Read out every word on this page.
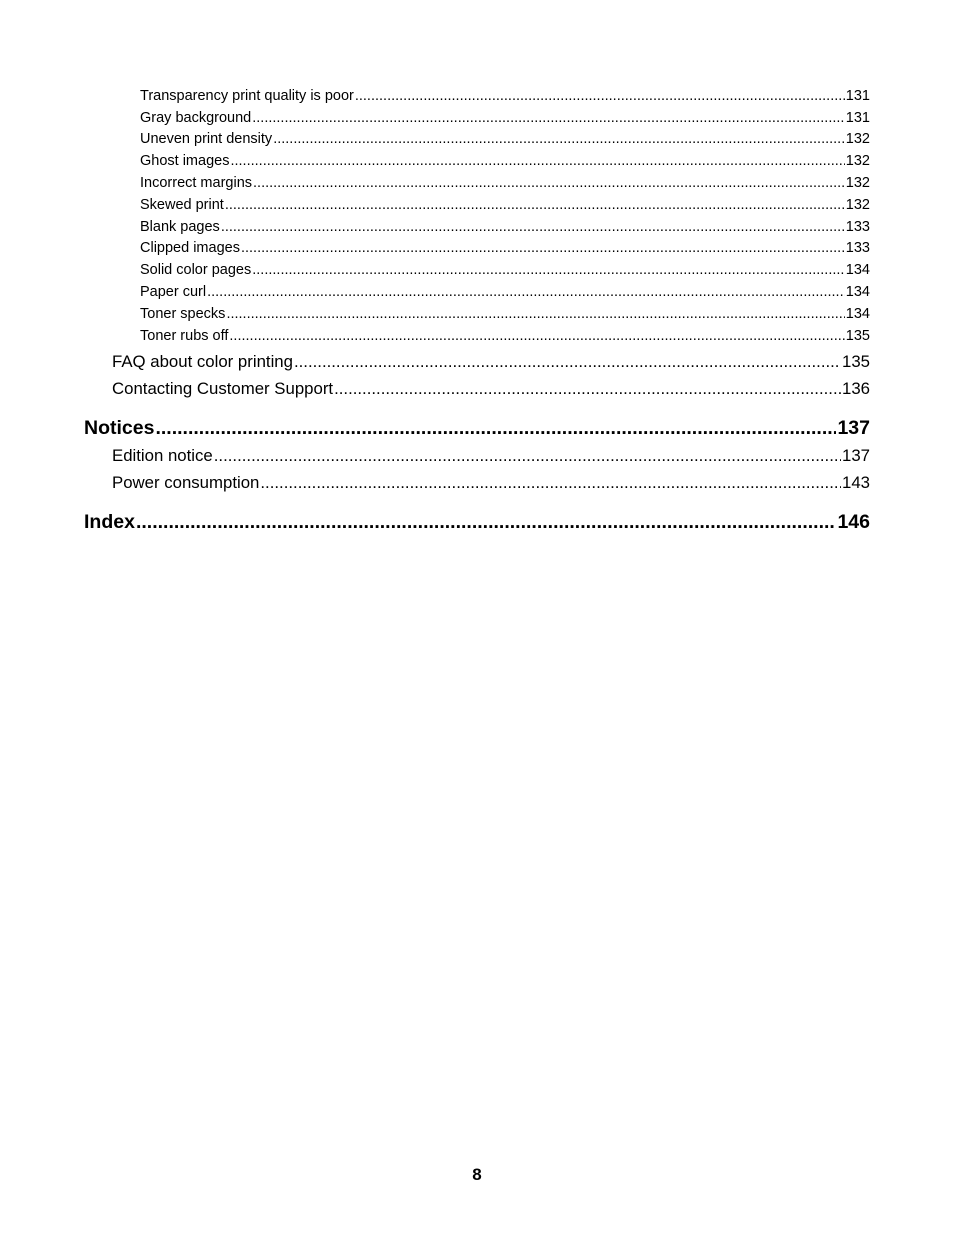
Transparency print quality is poor .....	131
Gray background .....	131
Uneven print density .....	132
Ghost images .....	132
Incorrect margins .....	132
Skewed print .....	132
Blank pages .....	133
Clipped images .....	133
Solid color pages .....	134
Paper curl .....	134
Toner specks .....	134
Toner rubs off .....	135
FAQ about color printing .....	135
Contacting Customer Support .....	136
Notices .....	137
Edition notice .....	137
Power consumption .....	143
Index .....	146
8
